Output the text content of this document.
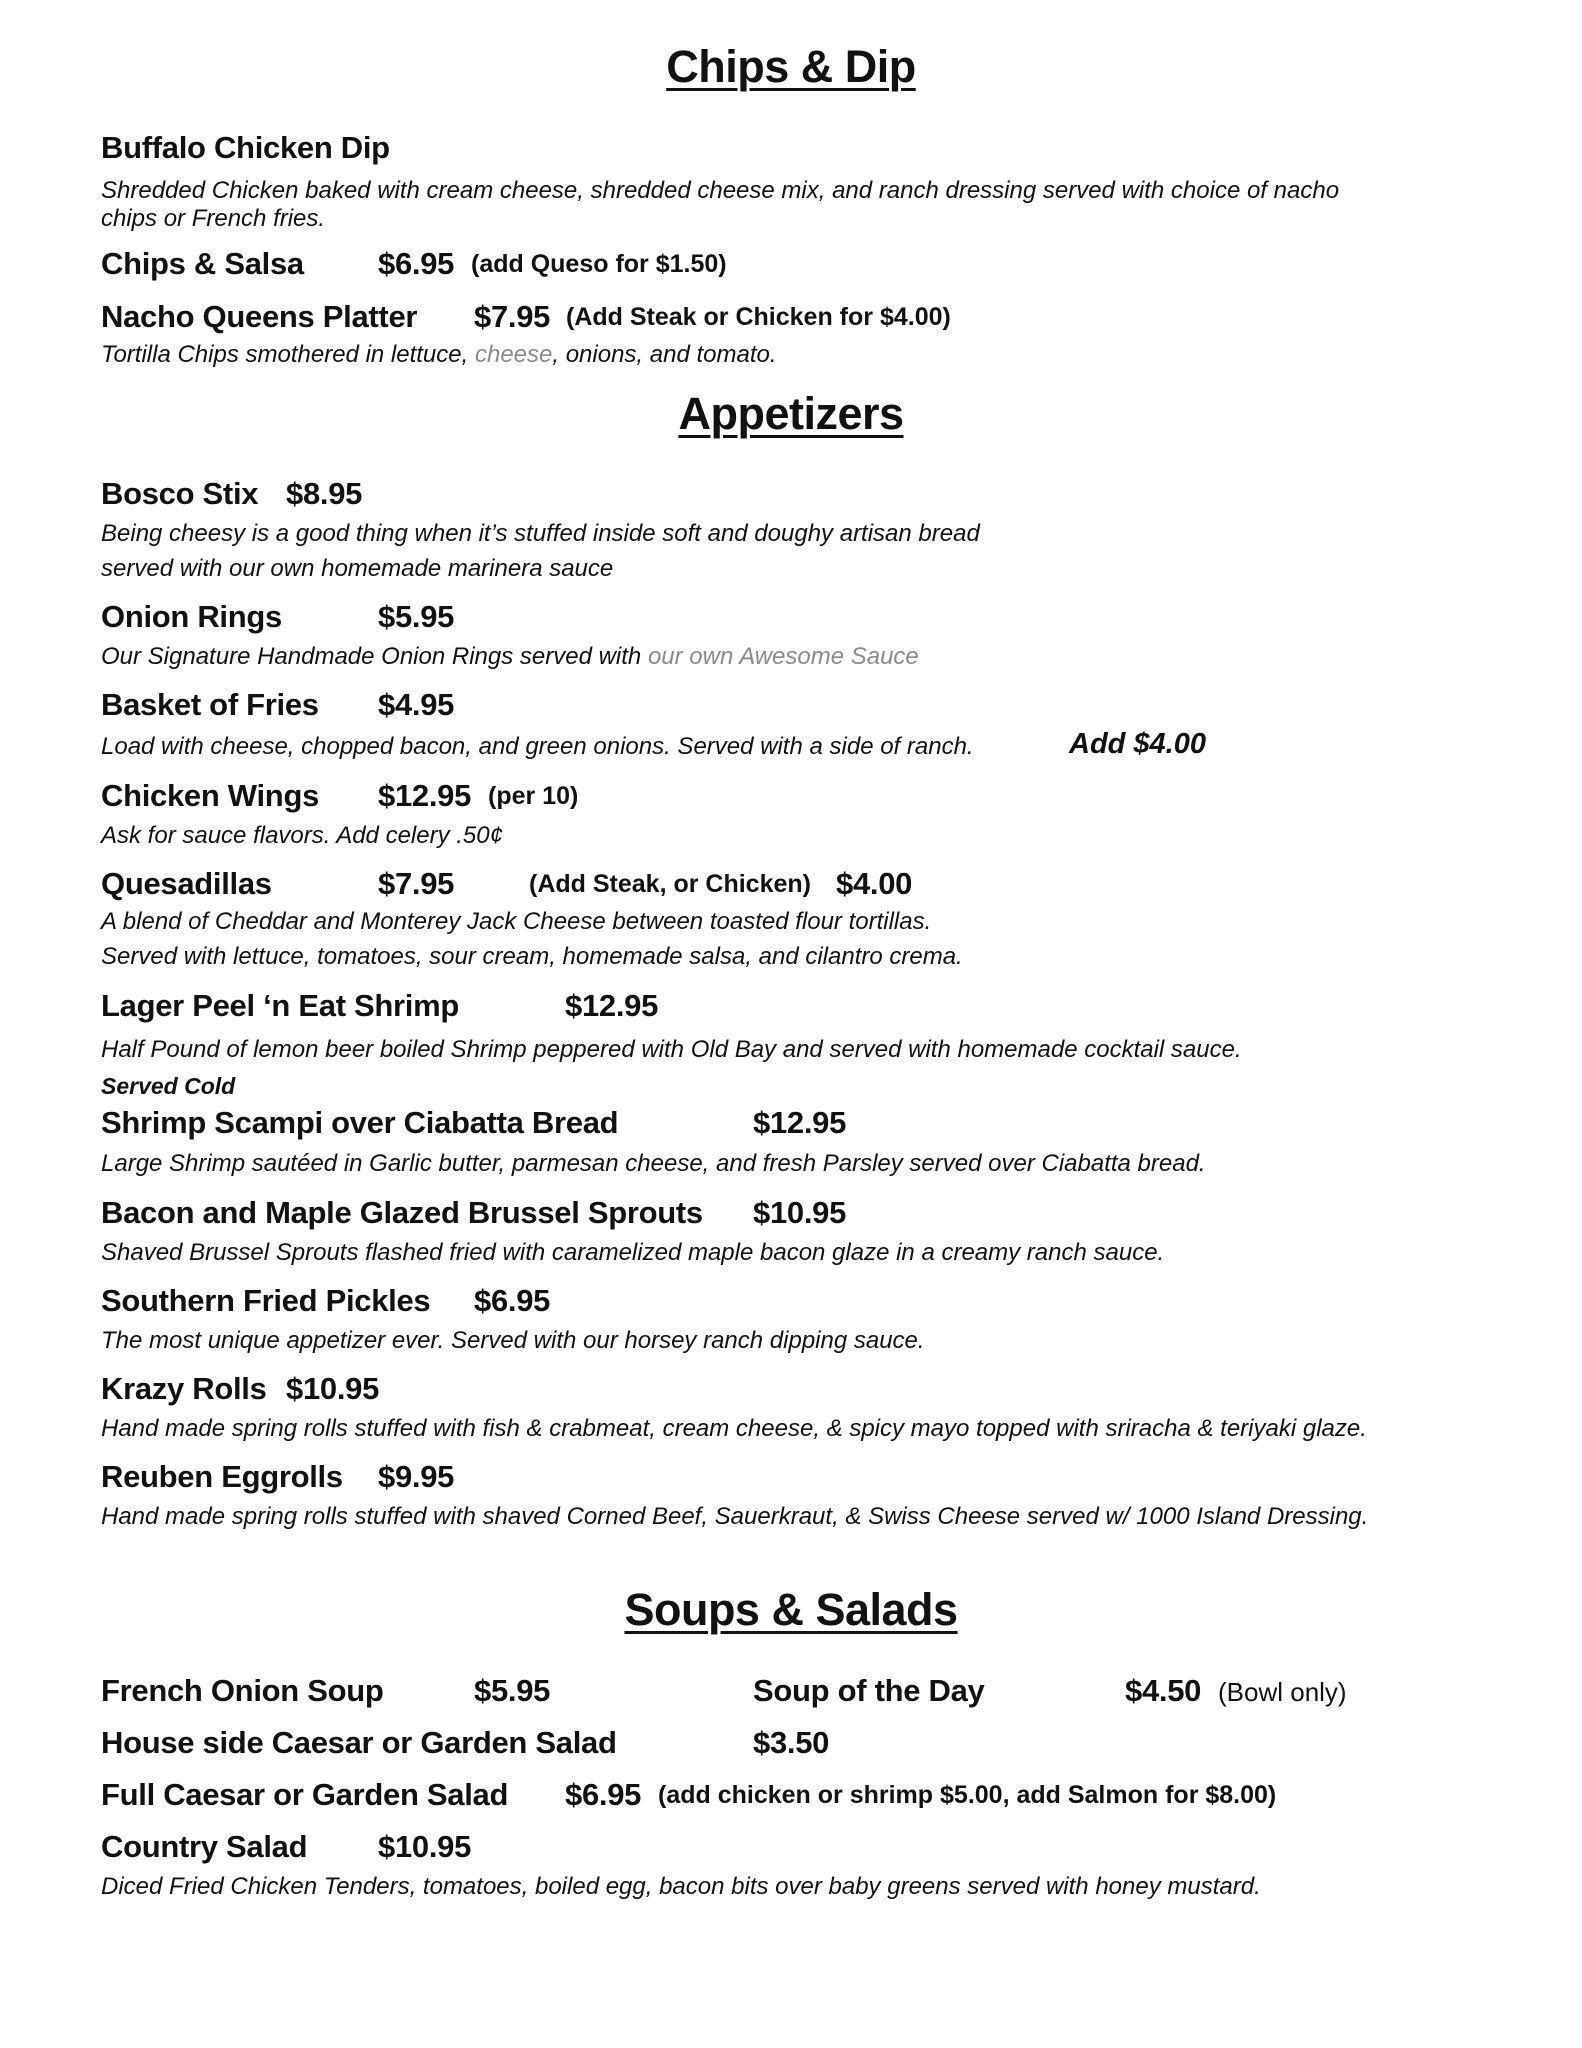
Chips & Dip
Buffalo Chicken Dip
Shredded Chicken baked with cream cheese, shredded cheese mix, and ranch dressing served with choice of nacho
chips or French fries.
Chips & Salsa $6.95 (add Queso for $1.50)
Nacho Queens Platter $7.95 (Add Steak or Chicken for $4.00)
Tortilla Chips smothered in lettuce, cheese, onions, and tomato.
Appetizers
Bosco Stix $8.95
Being cheesy is a good thing when it’s stuffed inside soft and doughy artisan bread
served with our own homemade marinera sauce
Onion Rings	$5.95
Our Signature Handmade Onion Rings served with our own Awesome Sauce
Basket of Fries $4.95
Load with cheese, chopped bacon, and green onions. Served with a side of ranch.	Add $4.00
Chicken Wings $12.95 (per 10)
Ask for sauce flavors. Add celery .50¢
Quesadillas	$7.95	(Add Steak, or Chicken) $4.00
A blend of Cheddar and Monterey Jack Cheese between toasted flour tortillas.
Served with lettuce, tomatoes, sour cream, homemade salsa, and cilantro crema.
Lager Peel ‘n Eat Shrimp	$12.95
Half Pound of lemon beer boiled Shrimp peppered with Old Bay and served with homemade cocktail sauce.
Served Cold
Shrimp Scampi over Ciabatta Bread	$12.95
Large Shrimp sautéed in Garlic butter, parmesan cheese, and fresh Parsley served over Ciabatta bread.
Bacon and Maple Glazed Brussel Sprouts $10.95
Shaved Brussel Sprouts flashed fried with caramelized maple bacon glaze in a creamy ranch sauce.
Southern Fried Pickles $6.95
The most unique appetizer ever. Served with our horsey ranch dipping sauce.
Krazy Rolls $10.95
Hand made spring rolls stuffed with fish & crabmeat, cream cheese, & spicy mayo topped with sriracha & teriyaki glaze.
Reuben Eggrolls $9.95
Hand made spring rolls stuffed with shaved Corned Beef, Sauerkraut, & Swiss Cheese served w/ 1000 Island Dressing.
Soups & Salads
French Onion Soup	$5.95	Soup of the Day	$4.50 (Bowl only)
House side Caesar or Garden Salad	$3.50
Full Caesar or Garden Salad $6.95 (add chicken or shrimp $5.00, add Salmon for $8.00)
Country Salad $10.95
Diced Fried Chicken Tenders, tomatoes, boiled egg, bacon bits over baby greens served with honey mustard.
